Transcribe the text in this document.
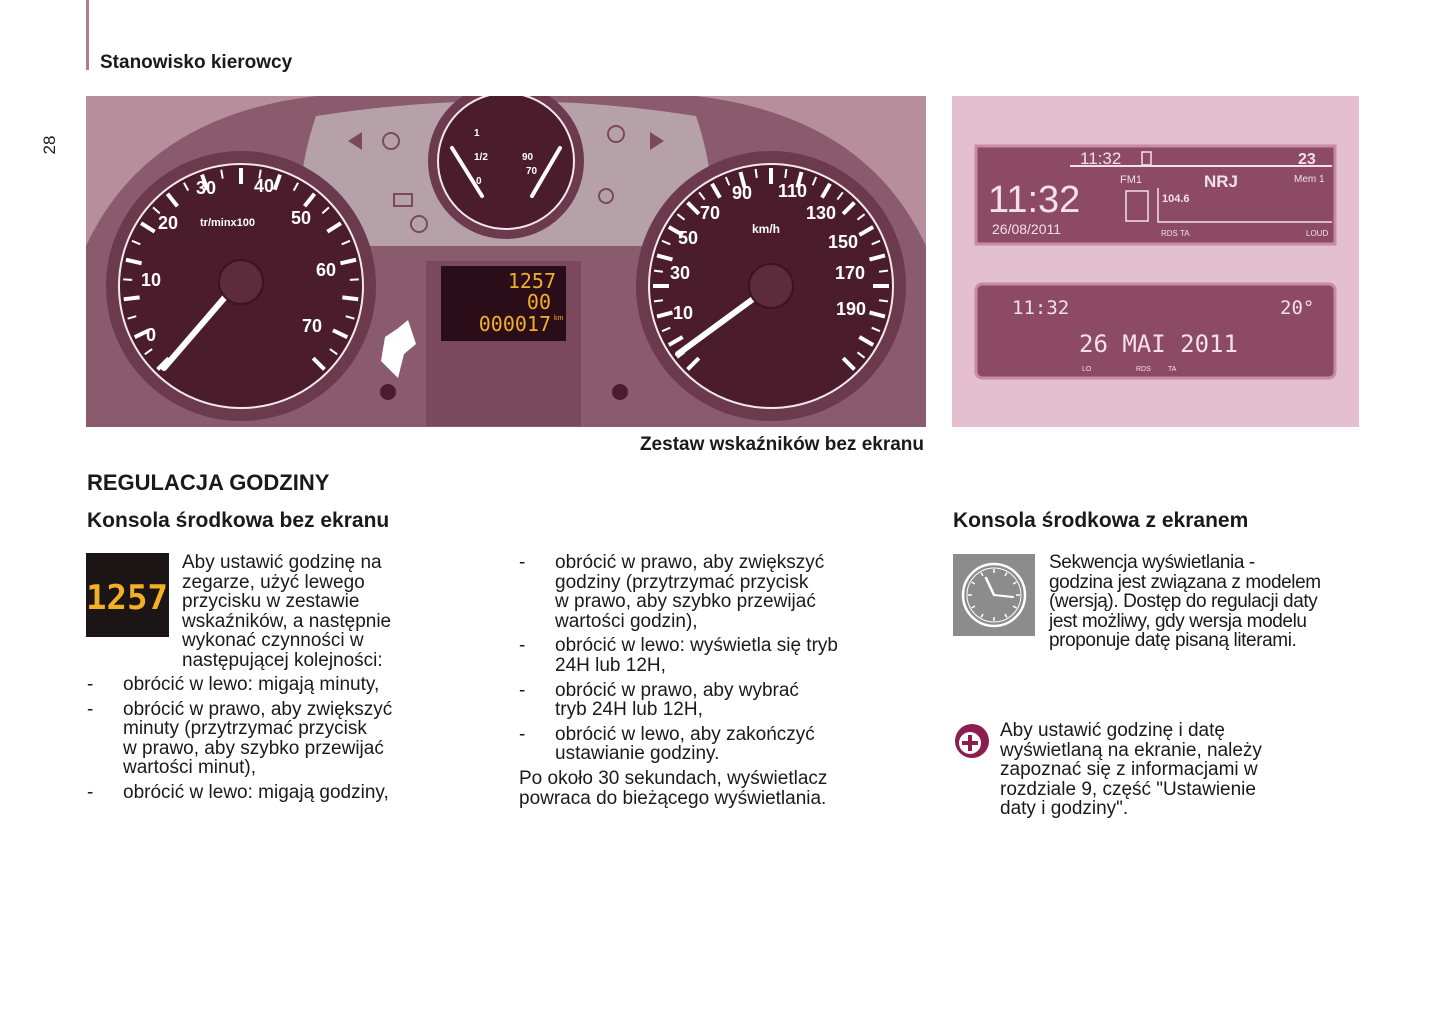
28
Stanowisko kierowcy
0
10
20
30 40
50
60
70
tr/minx100
1
1/2
0
90
70
1257
00
000017 km	10
30
50
70
90 110
130
150
170
190
km/h
11:32	23
11:32
26/08/2011
FM1	NRJ	Mem 1
104.6
RDS TA	LOUD
11:32	20°
26 MAI 2011
LO	RDS TA
Zestaw wskaźników bez ekranu
REGULACJA GODZINY
Konsola środkowa bez ekranu
1257
Aby ustawić godzinę na
zegarze, użyć lewego
przycisku w zestawie
wskaźników, a następnie
wykonać czynności w
następującej kolejności:
- obrócić w lewo: migają minuty,
- obrócić w prawo, aby zwiększyć
minuty (przytrzymać przycisk
w prawo, aby szybko przewijać
wartości minut),
- obrócić w lewo: migają godziny,
- obrócić w prawo, aby zwiększyć
godziny (przytrzymać przycisk
w prawo, aby szybko przewijać
wartości godzin),
- obrócić w lewo: wyświetla się tryb
24H lub 12H,
- obrócić w prawo, aby wybrać
tryb 24H lub 12H,
- obrócić w lewo, aby zakończyć
ustawianie godziny.
Po około 30 sekundach, wyświetlacz
powraca do bieżącego wyświetlania.
Konsola środkowa z ekranem
Sekwencja wyświetlania -
godzina jest związana z modelem
(wersją). Dostęp do regulacji daty
jest możliwy, gdy wersja modelu
proponuje datę pisaną literami.
Aby ustawić godzinę i datę
wyświetlaną na ekranie, należy
zapoznać się z informacjami w
rozdziale 9, część "Ustawienie
daty i godziny".
